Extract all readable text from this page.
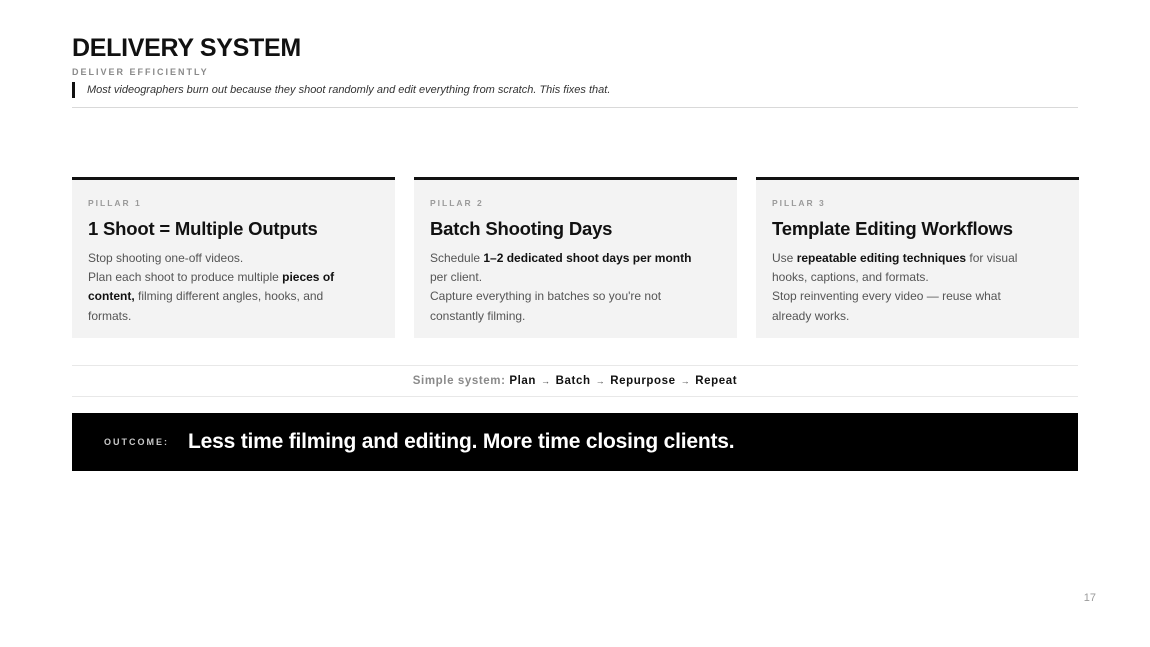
DELIVERY SYSTEM
DELIVER EFFICIENTLY
Most videographers burn out because they shoot randomly and edit everything from scratch. This fixes that.
PILLAR 1
1 Shoot = Multiple Outputs
Stop shooting one-off videos.
Plan each shoot to produce multiple pieces of
content, filming different angles, hooks, and
formats.
PILLAR 2
Batch Shooting Days
Schedule 1–2 dedicated shoot days per month
per client.
Capture everything in batches so you're not
constantly filming.
PILLAR 3
Template Editing Workflows
Use repeatable editing techniques for visual
hooks, captions, and formats.
Stop reinventing every video — reuse what
already works.
Simple system: Plan → Batch → Repurpose → Repeat
OUTCOME: Less time filming and editing. More time closing clients.
17
